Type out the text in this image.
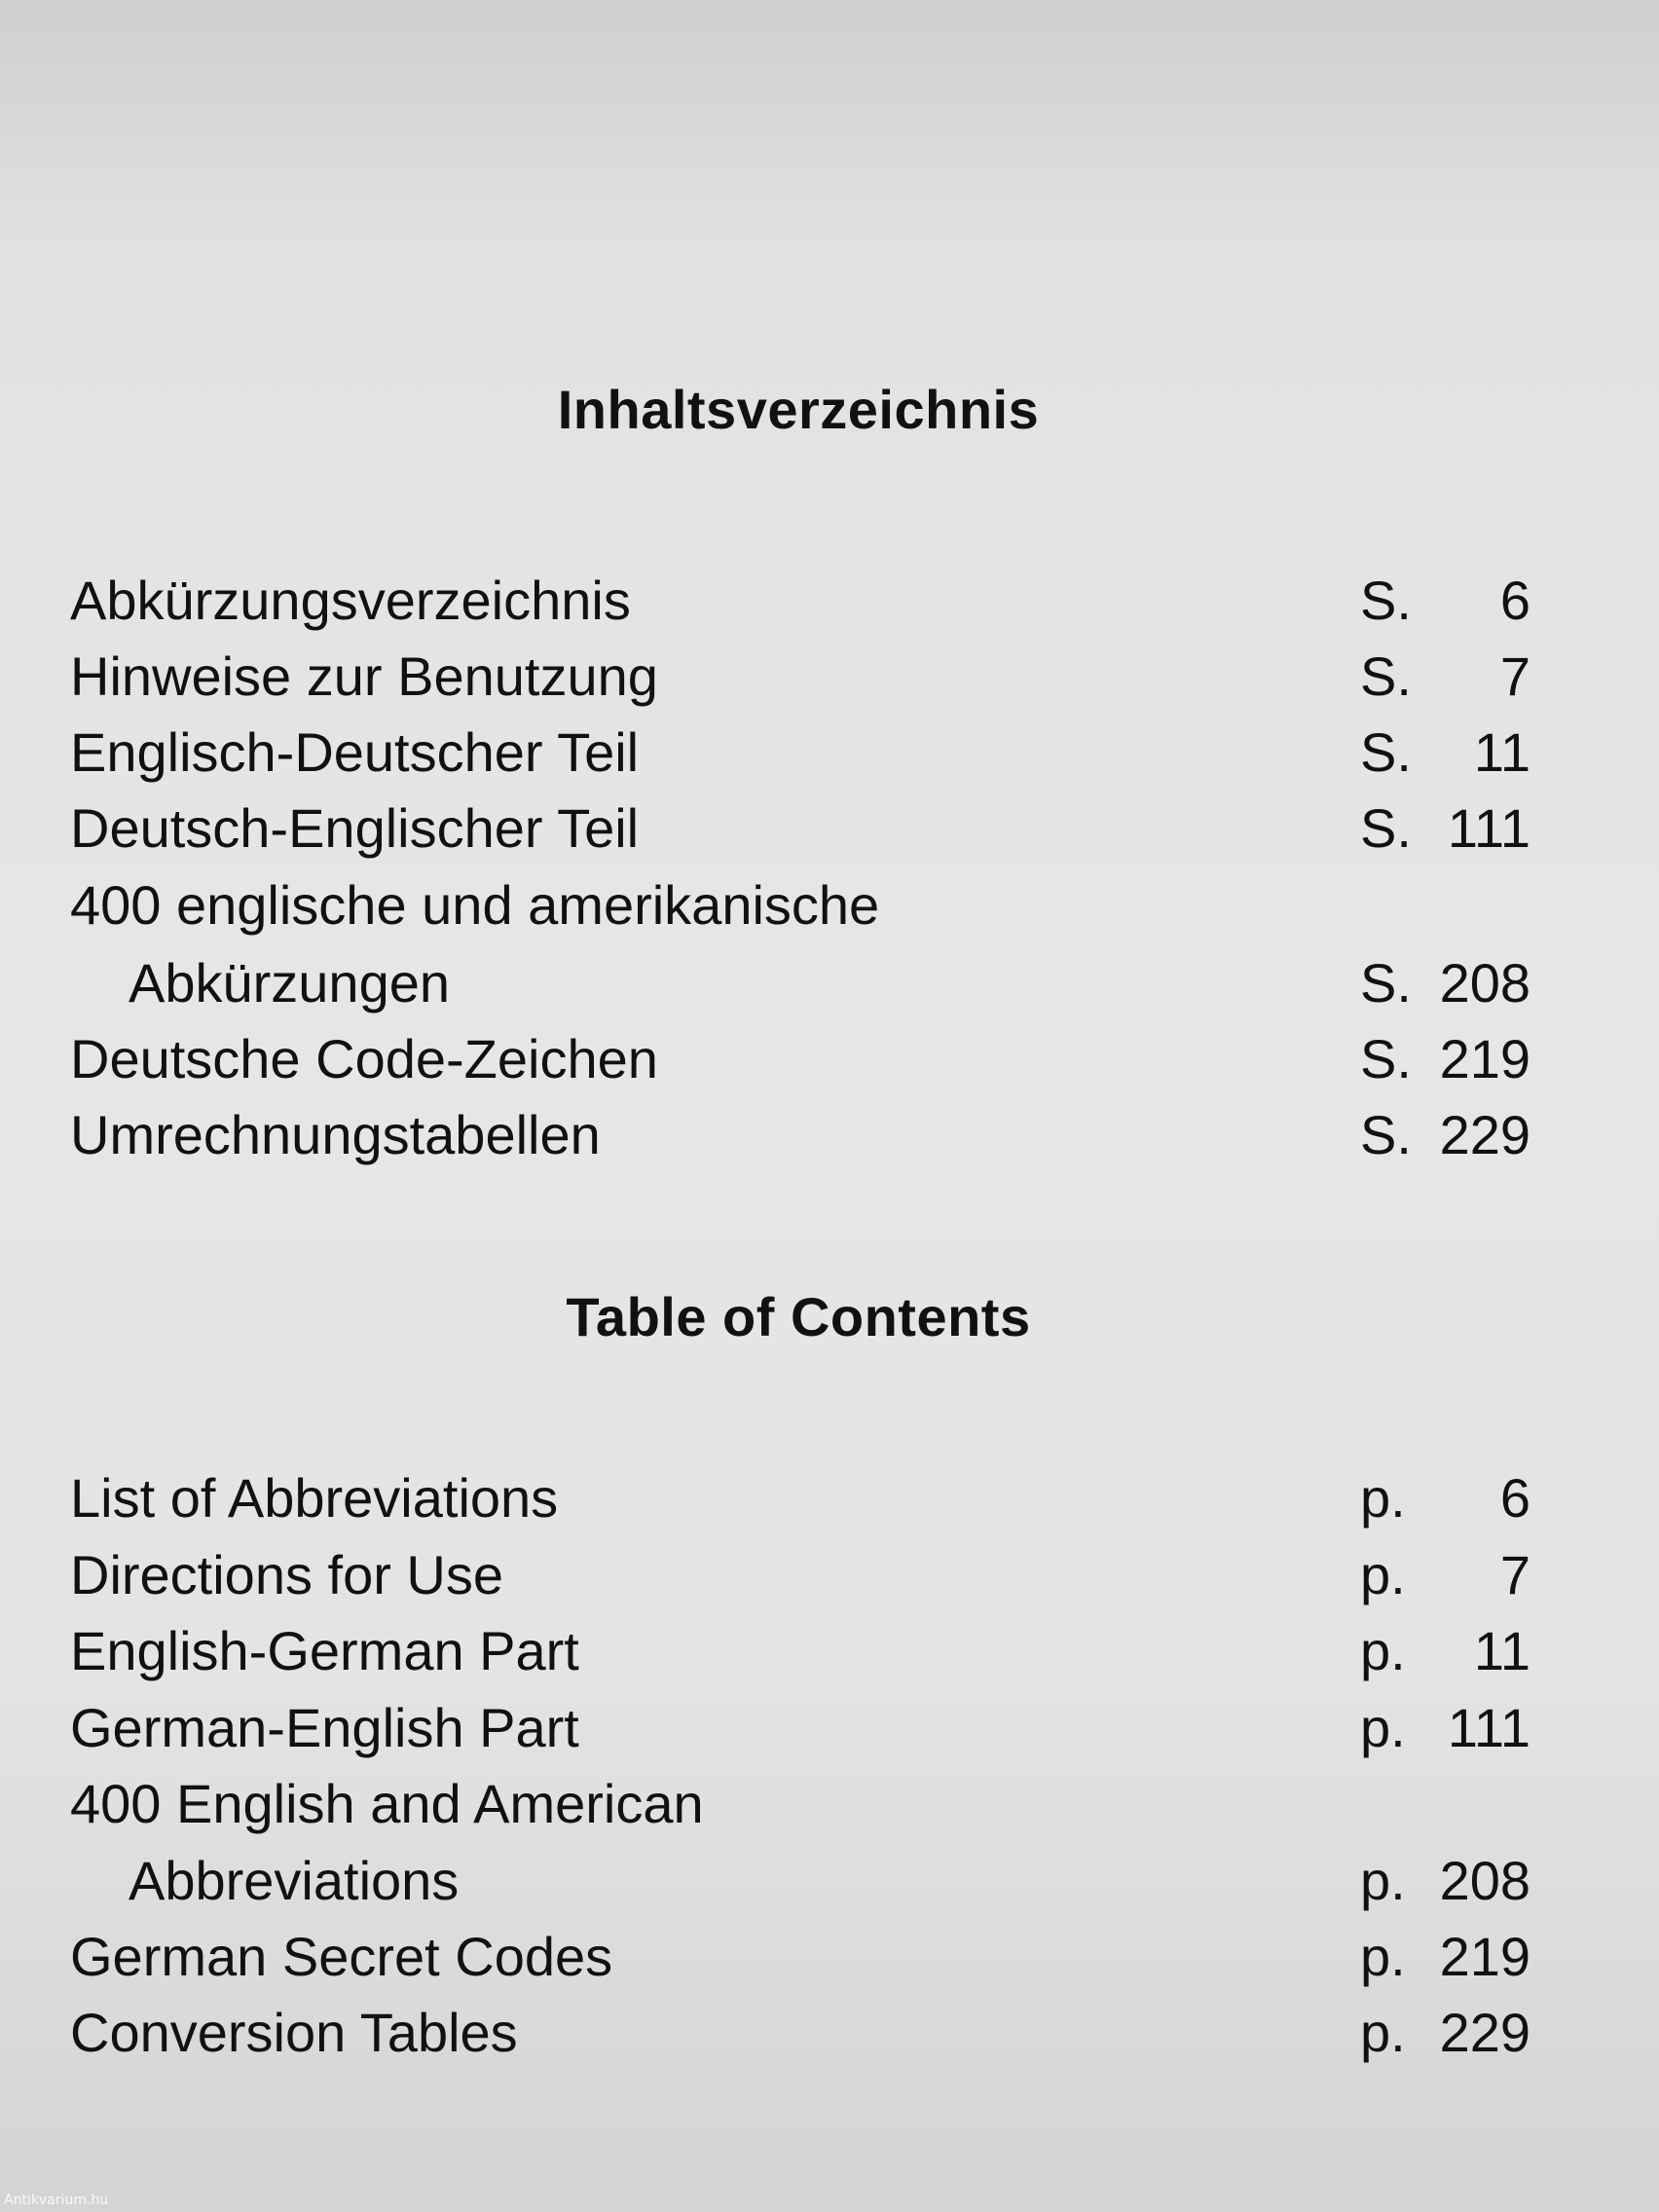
Inhaltsverzeichnis
Abkürzungsverzeichnis	S. 6
Hinweise zur Benutzung	S. 7
Englisch-Deutscher Teil	S. 11
Deutsch-Englischer Teil	S. 111
400 englische und amerikanische
Abkürzungen	S. 208
Deutsche Code-Zeichen	S. 219
Umrechnungstabellen	S. 229
Table of Contents
List of Abbreviations	p. 6
Directions for Use	p. 7
English-German Part	p. 11
German-English Part	p. 111
400 English and American
Abbreviations	p. 208
German Secret Codes	p. 219
Conversion Tables	p. 229
Antikvarium.hu
